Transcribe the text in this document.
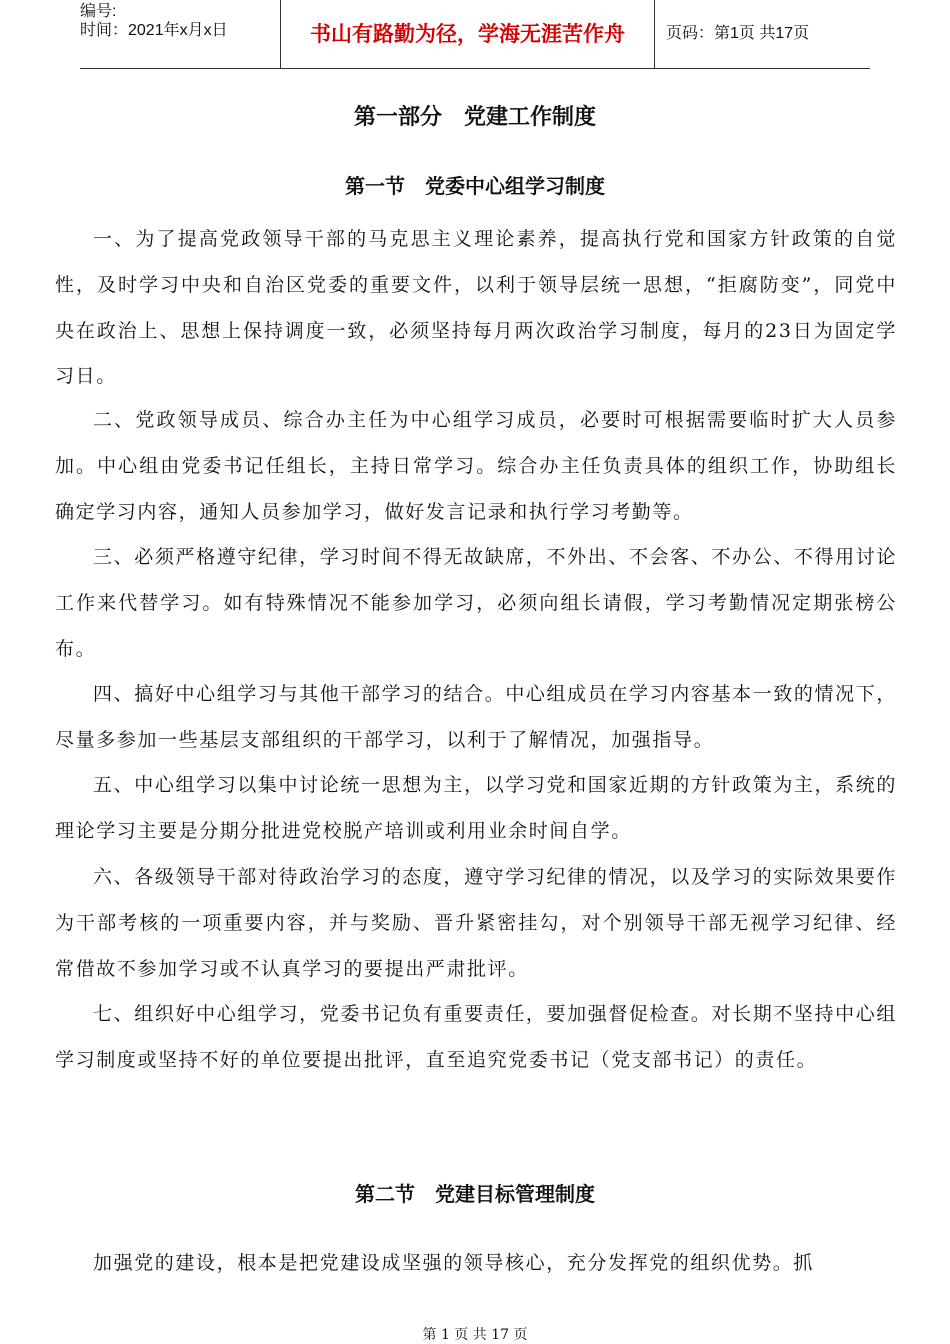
编号:
时间：2021年x月x日	书山有路勤为径，学海无涯苦作舟	页码：第1页 共17页
第一部分　党建工作制度
第一节　党委中心组学习制度

一、为了提高党政领导干部的马克思主义理论素养，提高执行党和国家方针政策的自觉性，及时学习中央和自治区党委的重要文件，以利于领导层统一思想，“拒腐防变”，同党中央在政治上、思想上保持调度一致，必须坚持每月两次政治学习制度，每月的23日为固定学习日。

二、党政领导成员、综合办主任为中心组学习成员，必要时可根据需要临时扩大人员参加。中心组由党委书记任组长，主持日常学习。综合办主任负责具体的组织工作，协助组长确定学习内容，通知人员参加学习，做好发言记录和执行学习考勤等。

三、必须严格遵守纪律，学习时间不得无故缺席，不外出、不会客、不办公、不得用讨论工作来代替学习。如有特殊情况不能参加学习，必须向组长请假，学习考勤情况定期张榜公布。

四、搞好中心组学习与其他干部学习的结合。中心组成员在学习内容基本一致的情况下，尽量多参加一些基层支部组织的干部学习，以利于了解情况，加强指导。

五、中心组学习以集中讨论统一思想为主，以学习党和国家近期的方针政策为主，系统的理论学习主要是分期分批进党校脱产培训或利用业余时间自学。

六、各级领导干部对待政治学习的态度，遵守学习纪律的情况，以及学习的实际效果要作为干部考核的一项重要内容，并与奖励、晋升紧密挂勾，对个别领导干部无视学习纪律、经常借故不参加学习或不认真学习的要提出严肃批评。

七、组织好中心组学习，党委书记负有重要责任，要加强督促检查。对长期不坚持中心组学习制度或坚持不好的单位要提出批评，直至追究党委书记（党支部书记）的责任。

第二节　党建目标管理制度

加强党的建设，根本是把党建设成坚强的领导核心，充分发挥党的组织优势。抓

第 1 页 共 17 页
